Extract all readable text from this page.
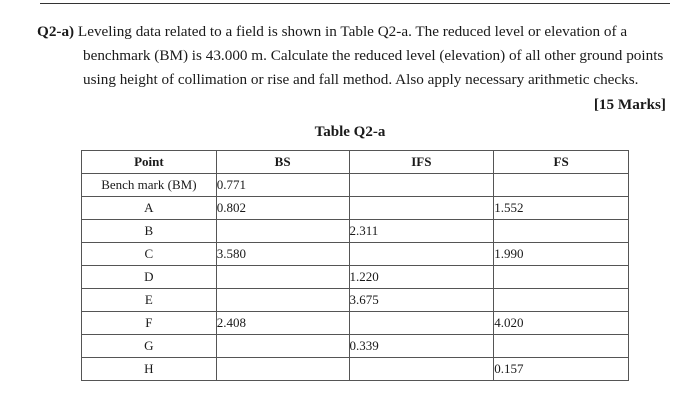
Q2-a) Leveling data related to a field is shown in Table Q2-a. The reduced level or elevation of a
benchmark (BM) is 43.000 m. Calculate the reduced level (elevation) of all other ground points
using height of collimation or rise and fall method. Also apply necessary arithmetic checks.
[15 Marks]
Table Q2-a
Point	BS	IFS	FS
Bench mark (BM)	0.771		
A	0.802		1.552
B		2.311	
C	3.580		1.990
D		1.220	
E		3.675	
F	2.408		4.020
G		0.339	
H			0.157
